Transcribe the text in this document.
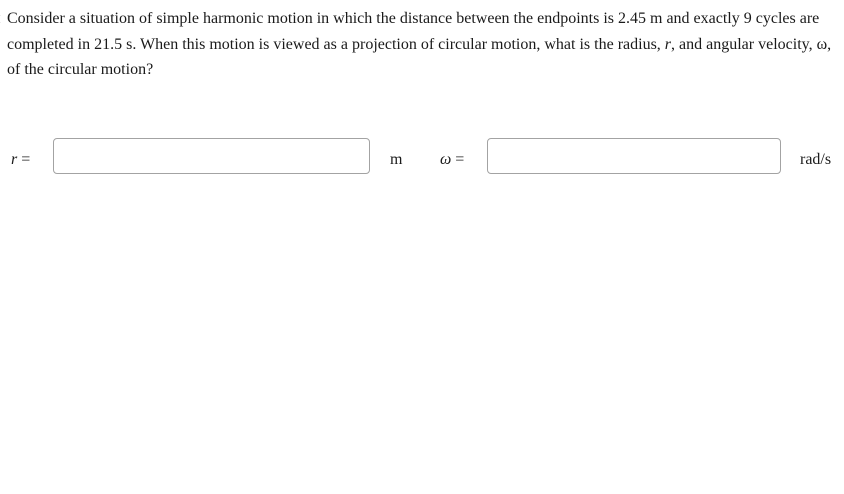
Consider a situation of simple harmonic motion in which the distance between the endpoints is 2.45 m and exactly 9 cycles are completed in 21.5 s. When this motion is viewed as a projection of circular motion, what is the radius, r, and angular velocity, ω, of the circular motion?
r =	m ω =	rad/s
